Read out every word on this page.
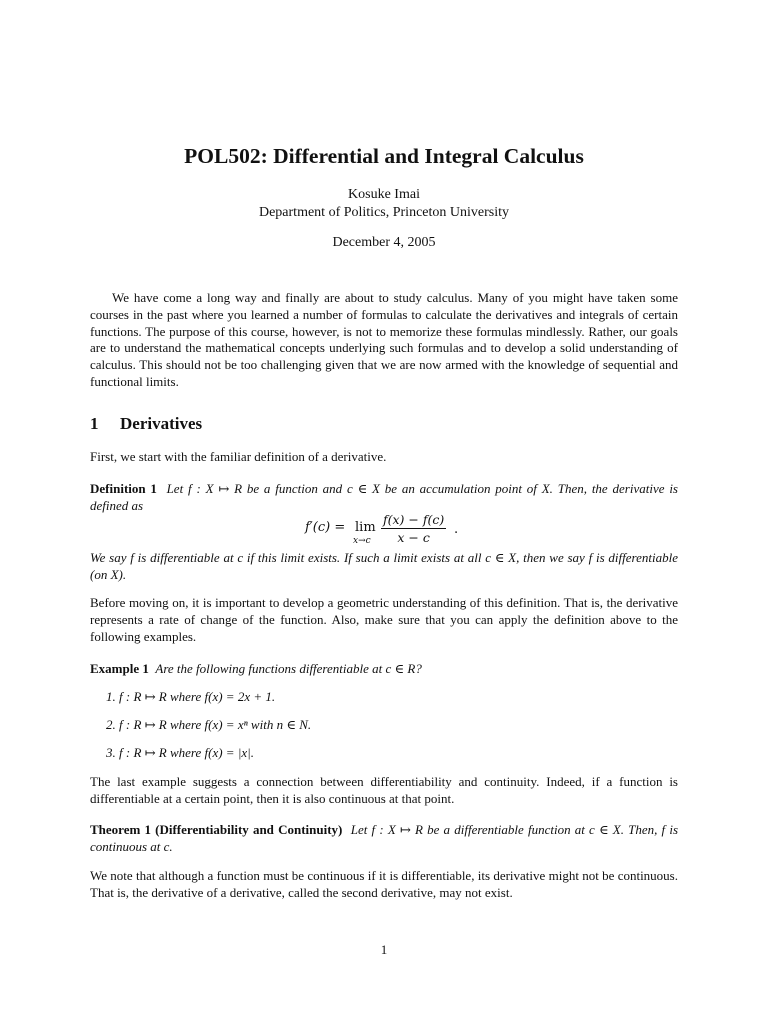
POL502: Differential and Integral Calculus
Kosuke Imai
Department of Politics, Princeton University
December 4, 2005
We have come a long way and finally are about to study calculus. Many of you might have taken some courses in the past where you learned a number of formulas to calculate the derivatives and integrals of certain functions. The purpose of this course, however, is not to memorize these formulas mindlessly. Rather, our goals are to understand the mathematical concepts underlying such formulas and to develop a solid understanding of calculus. This should not be too challenging given that we are now armed with the knowledge of sequential and functional limits.
1 Derivatives
First, we start with the familiar definition of a derivative.
Definition 1 Let f : X ↦ R be a function and c ∈ X be an accumulation point of X. Then, the derivative is defined as
f′(c) = lim
$x\to c \frac{f(x) - f(c)}{x - c}$ .
We say f is differentiable at c if this limit exists. If such a limit exists at all c ∈ X, then we say f is differentiable (on X).
Before moving on, it is important to develop a geometric understanding of this definition. That is, the derivative represents a rate of change of the function. Also, make sure that you can apply the definition above to the following examples.
Example 1 Are the following functions differentiable at c ∈ R?
1. f : R ↦ R where f(x) = 2x + 1.
2. f : R ↦ R where f(x) = xⁿ with n ∈ N.
3. f : R ↦ R where f(x) = |x|.
The last example suggests a connection between differentiability and continuity. Indeed, if a function is differentiable at a certain point, then it is also continuous at that point.
Theorem 1 (Differentiability and Continuity) Let f : X ↦ R be a differentiable function at c ∈ X. Then, f is continuous at c.
We note that although a function must be continuous if it is differentiable, its derivative might not be continuous. That is, the derivative of a derivative, called the second derivative, may not exist.
1
